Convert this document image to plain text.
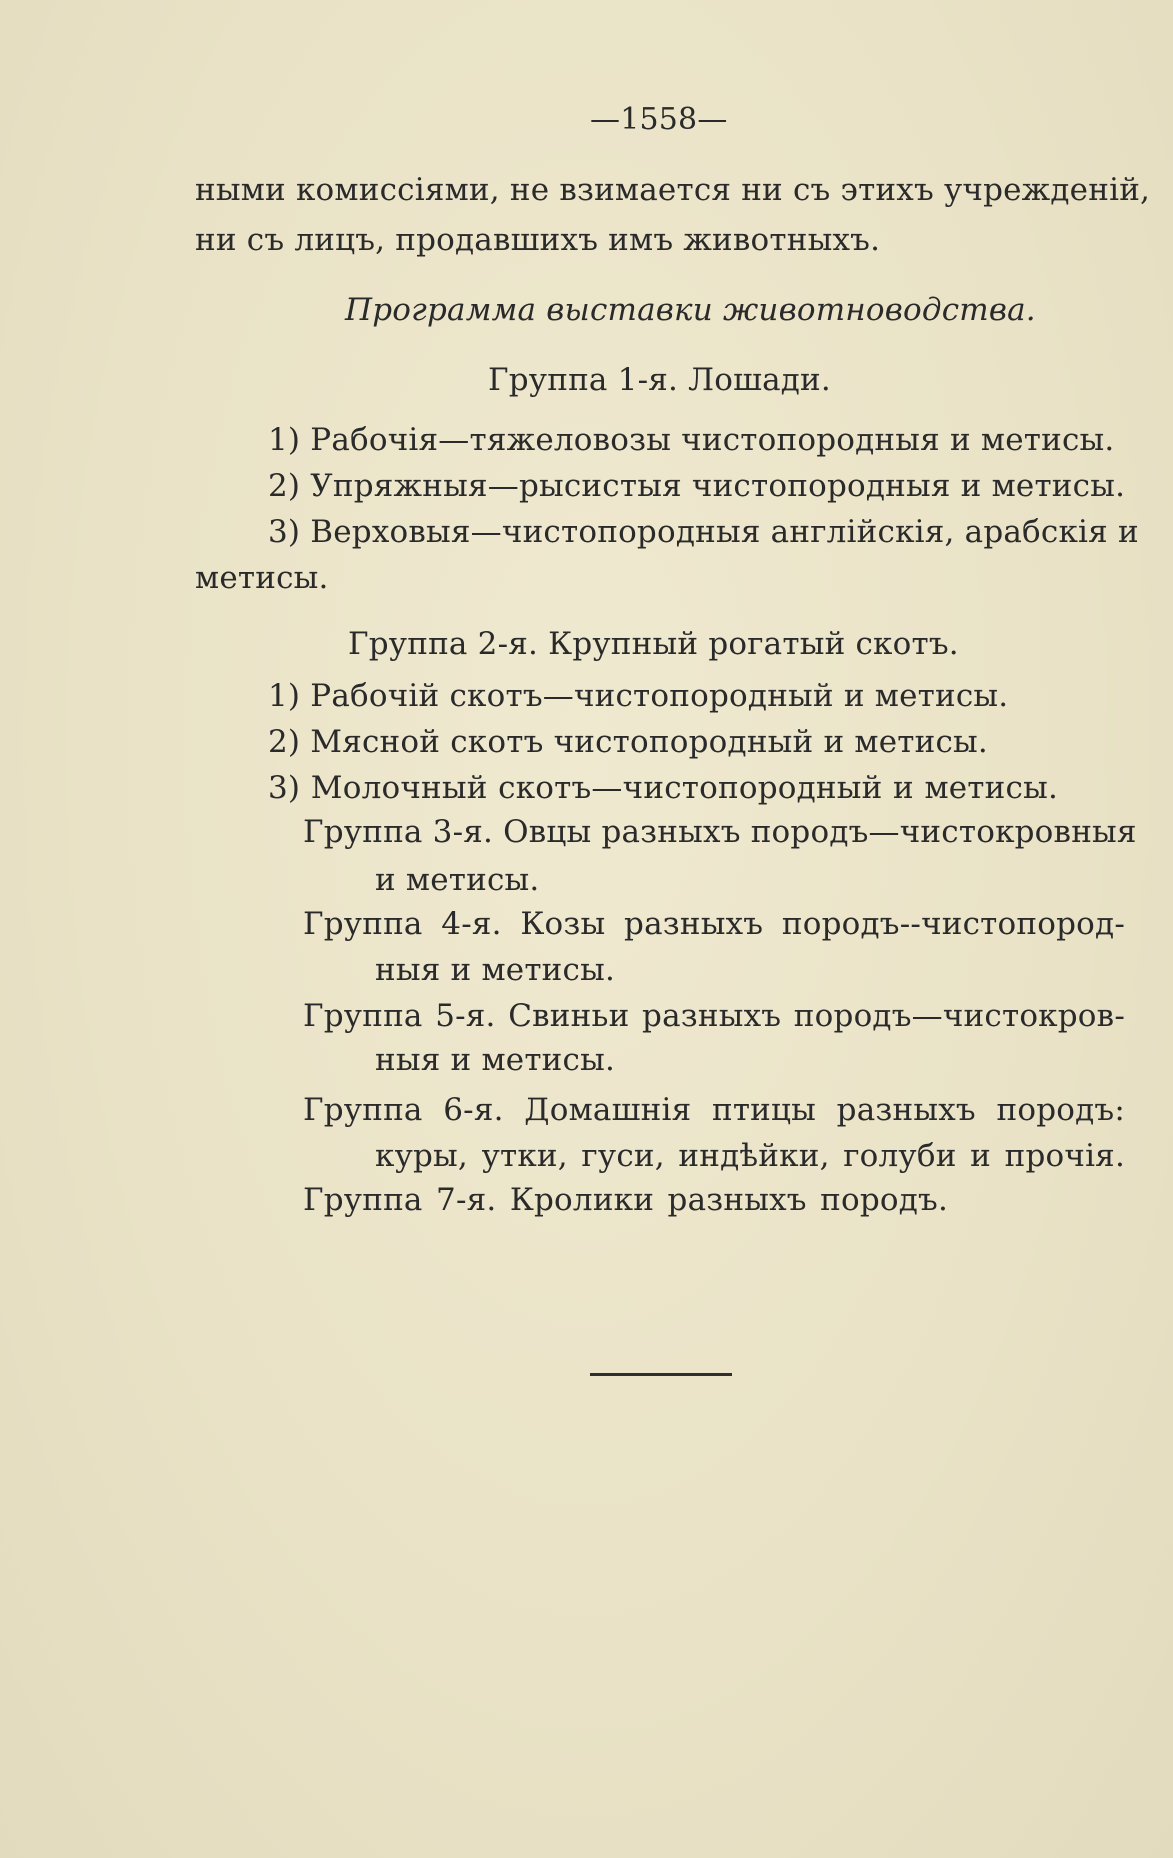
—1558—
ными комиссіями, не взимается ни съ этихъ учрежденій,
ни съ лицъ, продавшихъ имъ животныхъ.
Программа выставки животноводства.
Группа 1-я. Лошади.
1) Рабочія—тяжеловозы чистопородныя и метисы.
2) Упряжныя—рысистыя чистопородныя и метисы.
3) Верховыя—чистопородныя англійскія, арабскія и
метисы.
Группа 2-я. Крупный рогатый скотъ.
1) Рабочій скотъ—чистопородный и метисы.
2) Мясной скотъ чистопородный и метисы.
3) Молочный скотъ—чистопородный и метисы.
Группа 3-я. Овцы разныхъ породъ—чистокровныя
и метисы.
Группа 4-я. Козы разныхъ породъ--чистопород-
ныя и метисы.
Группа 5-я. Свиньи разныхъ породъ—чистокров-
ныя и метисы.
Группа 6-я. Домашнія птицы разныхъ породъ:
куры, утки, гуси, индѣйки, голуби и прочія.
Группа 7-я. Кролики разныхъ породъ.
